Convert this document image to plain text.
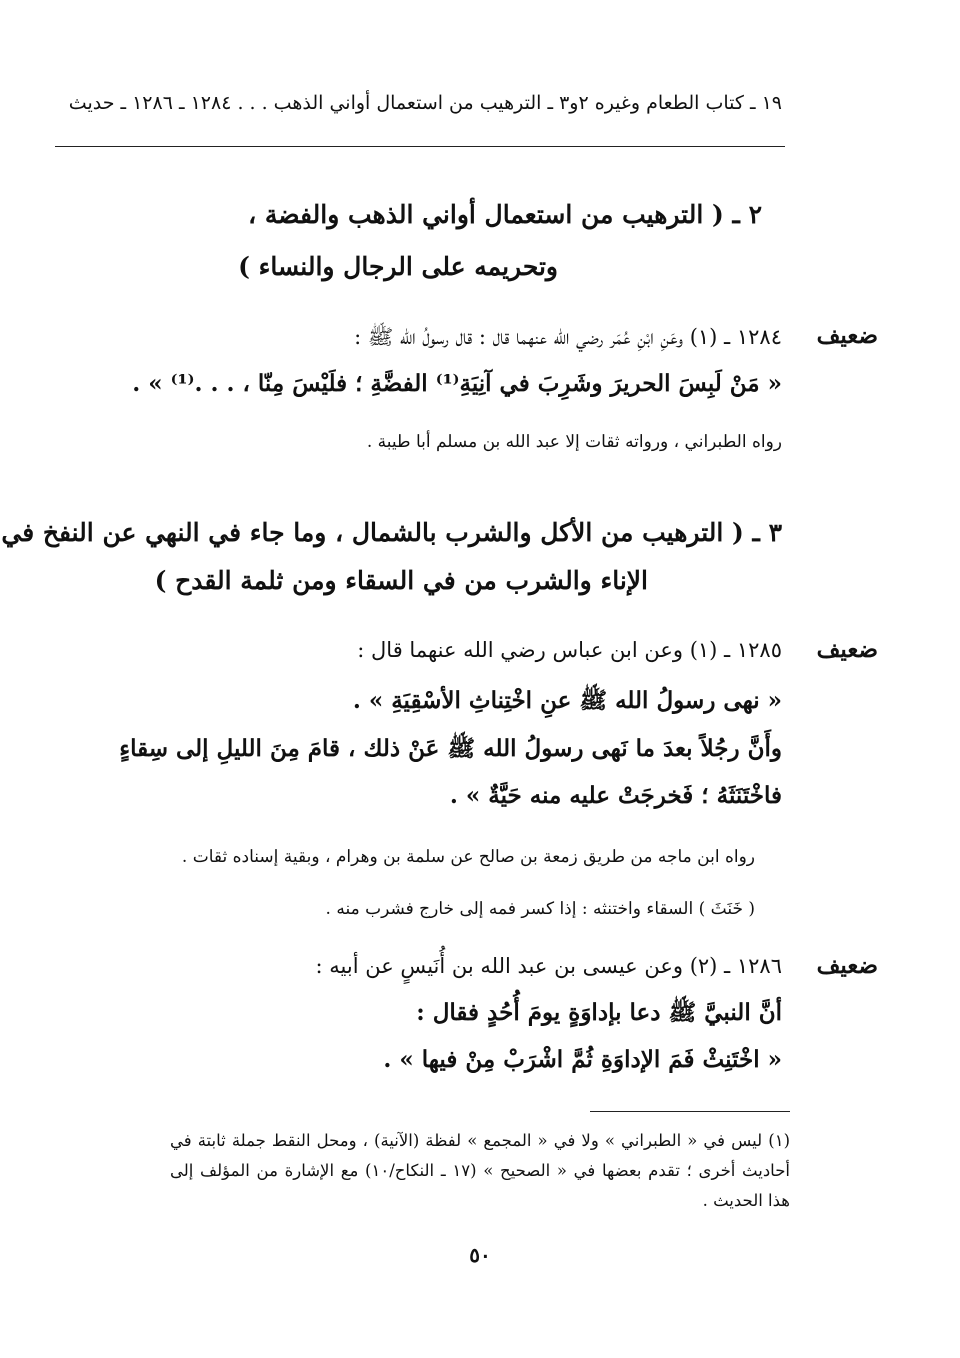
١٩ ـ كتاب الطعام وغيره ٢و٣ ـ الترهيب من استعمال أواني الذهب . . . ١٢٨٤ ـ ١٢٨٦ ـ حديث
٢ ـ ( الترهيب من استعمال أواني الذهب والفضة ،
وتحريمه على الرجال والنساء )
ضعيف
١٢٨٤ ـ (١) وعَنِ ابْنِ عُمَر رضي الله عنهما قال : قال رسولُ الله ﷺ :
« مَنْ لَبِسَ الحريرَ وشَرِبَ في آنِيَةِ⁽¹⁾ الفضَّةِ ؛ فلَيْسَ مِنّا ، . . .⁽¹⁾ » .
رواه الطبراني ، ورواته ثقات إلا عبد الله بن مسلم أبا طيبة .
٣ ـ ( الترهيب من الأكل والشرب بالشمال ، وما جاء في النهي عن النفخ في
الإناء والشرب من في السقاء ومن ثلمة القدح )
ضعيف
١٢٨٥ ـ (١) وعن ابن عباس رضي الله عنهما قال :
« نهى رسولُ الله ﷺ عنِ اخْتِناثِ الأسْقِيَةِ » .
وأَنَّ رجُلاً بعدَ ما نَهى رسولُ الله ﷺ عَنْ ذلك ، قامَ مِنَ الليلِ إلى سِقاءٍ
فاخْتَنَثَهُ ؛ فَخرجَتْ عليه منه حَيَّةٌ » .
رواه ابن ماجه من طريق زمعة بن صالح عن سلمة بن وهرام ، وبقية إسناده ثقات .
( خَنَثَ ) السقاء واختنثه : إذا كسر فمه إلى خارج فشرب منه .
ضعيف
١٢٨٦ ـ (٢) وعن عيسى بن عبد الله بن أُنَيسٍ عن أبيه :
أنَّ النبيَّ ﷺ دعا بإداوَةٍ يومَ أُحُدٍ فقال :
« اخْتَنِثْ فَمَ الإداوَةِ ثُمَّ اشْرَبْ مِنْ فيها » .
(١) ليس في « الطبراني » ولا في « المجمع » لفظة (الآنية) ، ومحل النقط جملة ثابتة في أحاديث أخرى ؛ تقدم بعضها في « الصحيح » (١٧ ـ النكاح/١٠) مع الإشارة من المؤلف إلى هذا الحديث .
٥٠
